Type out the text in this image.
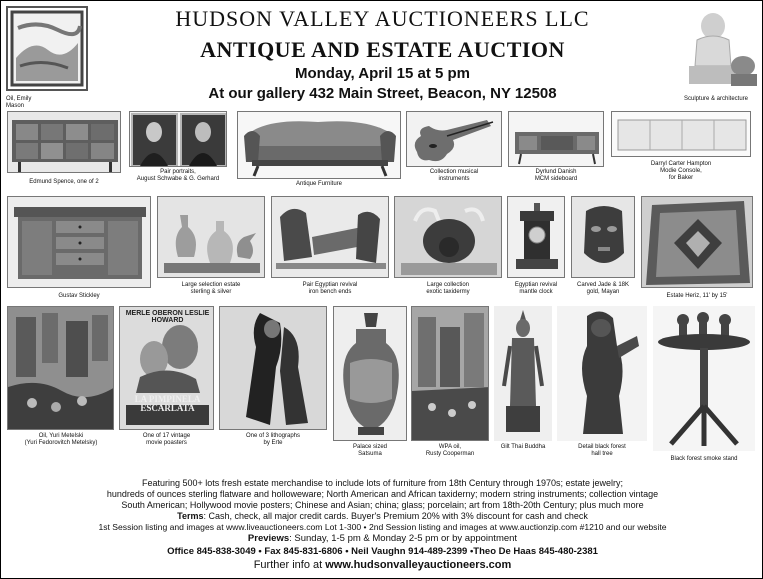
HUDSON VALLEY AUCTIONEERS LLC
ANTIQUE AND ESTATE AUCTION
Monday, April 15 at 5 pm
At our gallery 432 Main Street, Beacon, NY 12508
Oil, Emily Mason
Sculpture & architecture
Edmund Spence, one of 2
Pair portraits,
August Schwabe & G. Gerhard
Antique Furniture
Collection musical
instruments
Dyrlund Danish
MCM sideboard
Darryl Carter Hampton
Modie Console,
for Baker
Gustav Stickley
Large selection estate
sterling & silver
Pair Egyptian revival
iron bench ends
Large collection
exotic taxidermy
Egyptian revival
mantle clock
Carved Jade & 18K
gold, Mayan
Estate Heriz, 11' by 15'
Oil, Yuri Metelski
(Yuri Fedorovitch Metelsky)
MERLE OBERON LESLIE HOWARD
LA PIMPINELA ESCARLATA
One of 17 vintage
movie poasters
One of 3 lithographs
by Erte
Palace sized
Satsuma
WPA oil,
Rusty Cooperman
Gilt Thai Buddha	Detail black forest
hall tree
Black forest smoke stand
Featuring 500+ lots fresh estate merchandise to include lots of furniture from 18th Century through 1970s; estate jewelry;
hundreds of ounces sterling flatware and holloweware; North American and African taxiderny; modern string instruments; collection vintage
South American; Hollywood movie posters; Chinese and Asian; china; glass; porcelain; art from 18th-20th Century; plus much more
Terms: Cash, check, all major credit cards. Buyer's Premium 20% with 3% discount for cash and check
1st Session listing and images at www.liveauctioneers.com Lot 1-300 • 2nd Session listing and images at www.auctionzip.com #1210 and our website
Previews: Sunday, 1-5 pm & Monday 2-5 pm or by appointment
Office 845-838-3049 • Fax 845-831-6806 • Neil Vaughn 914-489-2399 •Theo De Haas 845-480-2381
Further info at www.hudsonvalleyauctioneers.com
